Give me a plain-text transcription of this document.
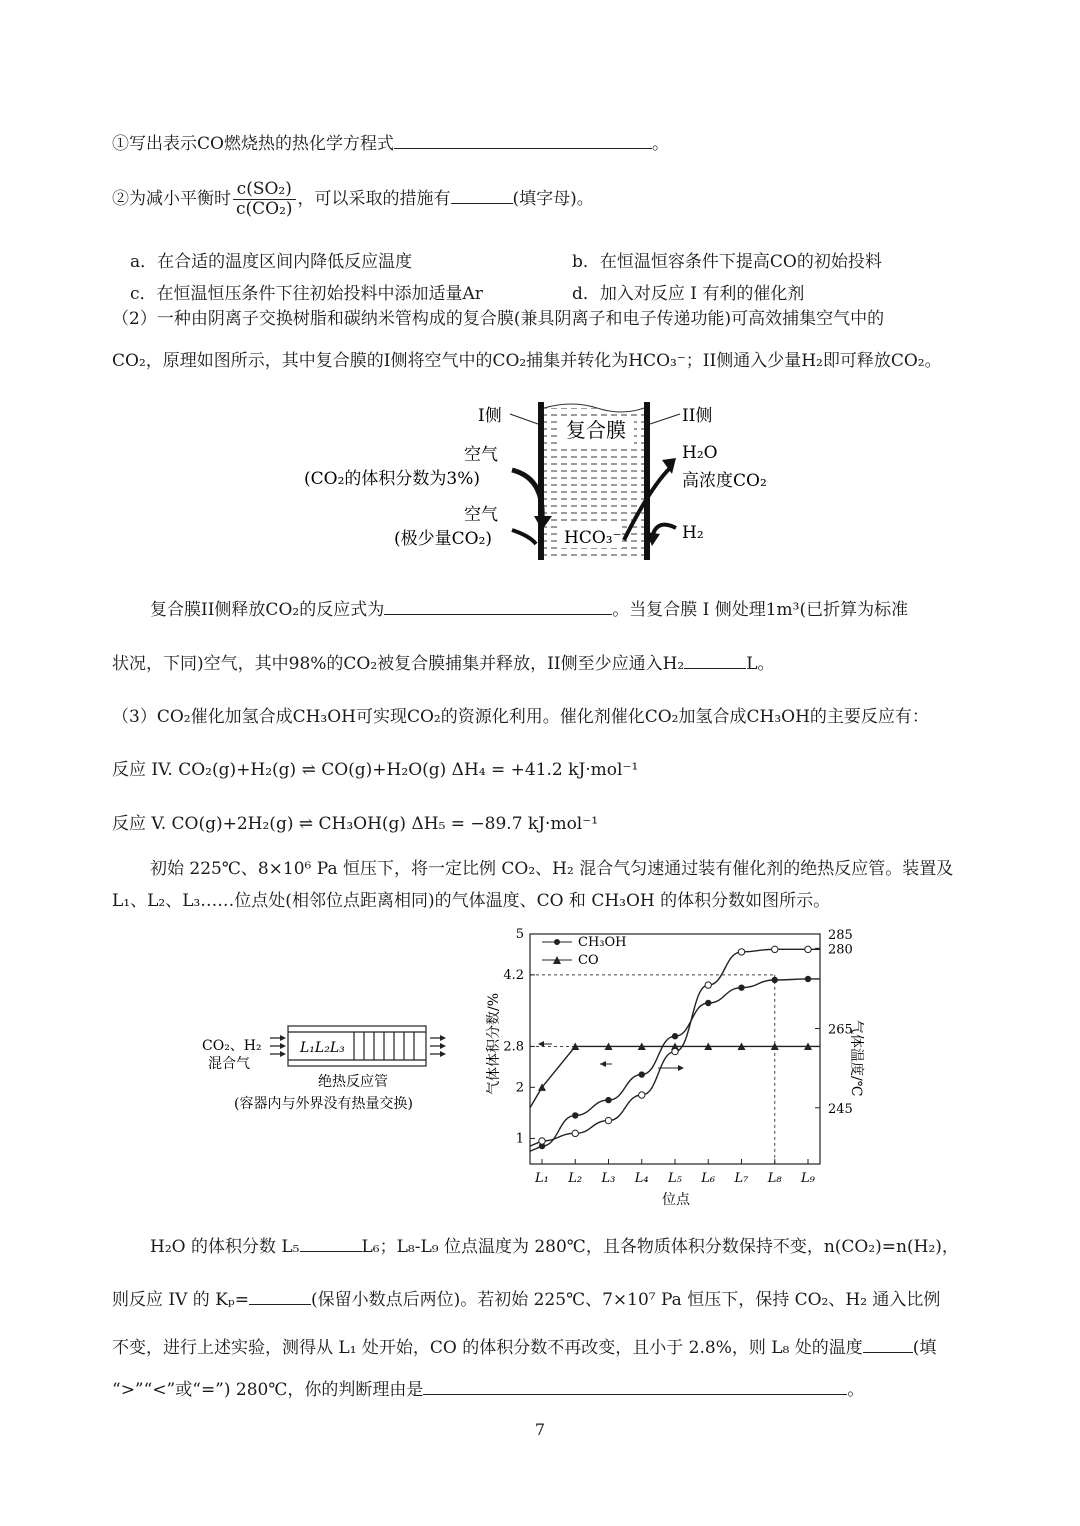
①写出表示CO燃烧热的热化学方程式	。
②为减小平衡时 $\frac{\text{c(SO₂)}}{\text{c(CO₂)}}$ ，可以采取的措施有	(填字母)。
a．在合适的温度区间内降低反应温度	b．在恒温恒容条件下提高CO的初始投料
c．在恒温恒压条件下往初始投料中添加适量Ar	d．加入对反应 I 有利的催化剂
（2）一种由阴离子交换树脂和碳纳米管构成的复合膜(兼具阴离子和电子传递功能)可高效捕集空气中的
CO₂，原理如图所示，其中复合膜的I侧将空气中的CO₂捕集并转化为HCO₃⁻；II侧通入少量H₂即可释放CO₂。
复合膜
I侧	II侧
空气
(CO₂的体积分数为3%)
空气
(极少量CO₂)	HCO₃⁻
H₂O
高浓度CO₂
H₂
复合膜II侧释放CO₂的反应式为	。当复合膜 I 侧处理1m³(已折算为标准
状况，下同)空气，其中98%的CO₂被复合膜捕集并释放，II侧至少应通入H₂	L。
（3）CO₂催化加氢合成CH₃OH可实现CO₂的资源化利用。催化剂催化CO₂加氢合成CH₃OH的主要反应有：
反应 IV. CO₂(g)+H₂(g) ⇌ CO(g)+H₂O(g) ΔH₄ = +41.2 kJ·mol⁻¹
反应 V. CO(g)+2H₂(g) ⇌ CH₃OH(g) ΔH₅ = −89.7 kJ·mol⁻¹
初始 225℃、8×10⁶ Pa 恒压下，将一定比例 CO₂、H₂ 混合气匀速通过装有催化剂的绝热反应管。装置及
L₁、L₂、L₃……位点处(相邻位点距离相同)的气体温度、CO 和 CH₃OH 的体积分数如图所示。
CO₂、H₂
混合气
L₁L₂L₃
绝热反应管
(容器内与外界没有热量交换)
L₁ L₂ L₃ L₄ L₅ L₆ L₇ L₈ L₉
1
2
2.8
4.2
5
245
265
280
285
CH₃OH
CO
气体体积分数/%	气体温度/℃
位点
H₂O 的体积分数 L₅	L₆；L₈-L₉ 位点温度为 280℃，且各物质体积分数保持不变，n(CO₂)=n(H₂)，
则反应 IV 的 Kₚ=	(保留小数点后两位)。若初始 225℃、7×10⁷ Pa 恒压下，保持 CO₂、H₂ 通入比例
不变，进行上述实验，测得从 L₁ 处开始，CO 的体积分数不再改变，且小于 2.8%，则 L₈ 处的温度	(填
“>”“<”或“=”) 280℃，你的判断理由是	。
7
